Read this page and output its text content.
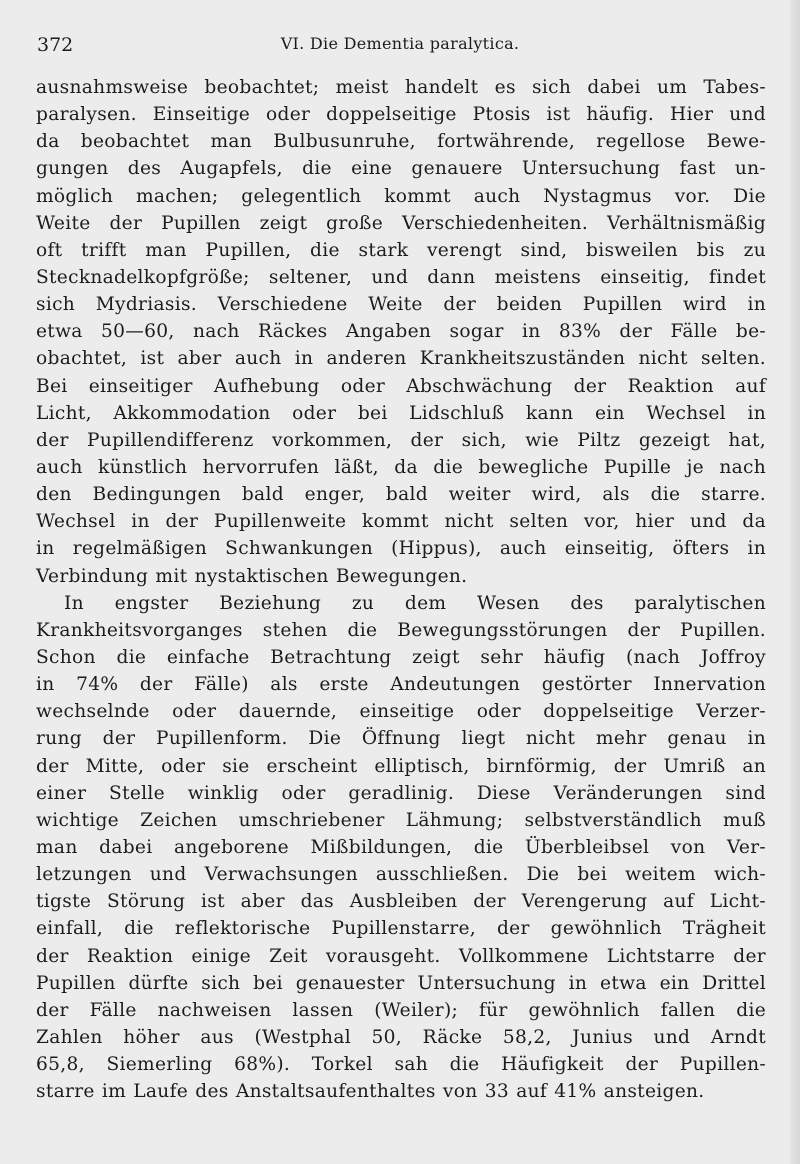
372	VI. Die Dementia paralytica.
ausnahmsweise beobachtet; meist handelt es sich dabei um Tabes-
paralysen. Einseitige oder doppelseitige Ptosis ist häufig. Hier und
da beobachtet man Bulbusunruhe, fortwährende, regellose Bewe-
gungen des Augapfels, die eine genauere Untersuchung fast un-
möglich machen; gelegentlich kommt auch Nystagmus vor. Die
Weite der Pupillen zeigt große Verschiedenheiten. Verhältnismäßig
oft trifft man Pupillen, die stark verengt sind, bisweilen bis zu
Stecknadelkopfgröße; seltener, und dann meistens einseitig, findet
sich Mydriasis. Verschiedene Weite der beiden Pupillen wird in
etwa 50—60, nach Räckes Angaben sogar in 83% der Fälle be-
obachtet, ist aber auch in anderen Krankheitszuständen nicht selten.
Bei einseitiger Aufhebung oder Abschwächung der Reaktion auf
Licht, Akkommodation oder bei Lidschluß kann ein Wechsel in
der Pupillendifferenz vorkommen, der sich, wie Piltz gezeigt hat,
auch künstlich hervorrufen läßt, da die bewegliche Pupille je nach
den Bedingungen bald enger, bald weiter wird, als die starre.
Wechsel in der Pupillenweite kommt nicht selten vor, hier und da
in regelmäßigen Schwankungen (Hippus), auch einseitig, öfters in
Verbindung mit nystaktischen Bewegungen.
In engster Beziehung zu dem Wesen des paralytischen
Krankheitsvorganges stehen die Bewegungsstörungen der Pupillen.
Schon die einfache Betrachtung zeigt sehr häufig (nach Joffroy
in 74% der Fälle) als erste Andeutungen gestörter Innervation
wechselnde oder dauernde, einseitige oder doppelseitige Verzer-
rung der Pupillenform. Die Öffnung liegt nicht mehr genau in
der Mitte, oder sie erscheint elliptisch, birnförmig, der Umriß an
einer Stelle winklig oder geradlinig. Diese Veränderungen sind
wichtige Zeichen umschriebener Lähmung; selbstverständlich muß
man dabei angeborene Mißbildungen, die Überbleibsel von Ver-
letzungen und Verwachsungen ausschließen. Die bei weitem wich-
tigste Störung ist aber das Ausbleiben der Verengerung auf Licht-
einfall, die reflektorische Pupillenstarre, der gewöhnlich Trägheit
der Reaktion einige Zeit vorausgeht. Vollkommene Lichtstarre der
Pupillen dürfte sich bei genauester Untersuchung in etwa ein Drittel
der Fälle nachweisen lassen (Weiler); für gewöhnlich fallen die
Zahlen höher aus (Westphal 50, Räcke 58,2, Junius und Arndt
65,8, Siemerling 68%). Torkel sah die Häufigkeit der Pupillen-
starre im Laufe des Anstaltsaufenthaltes von 33 auf 41% ansteigen.
